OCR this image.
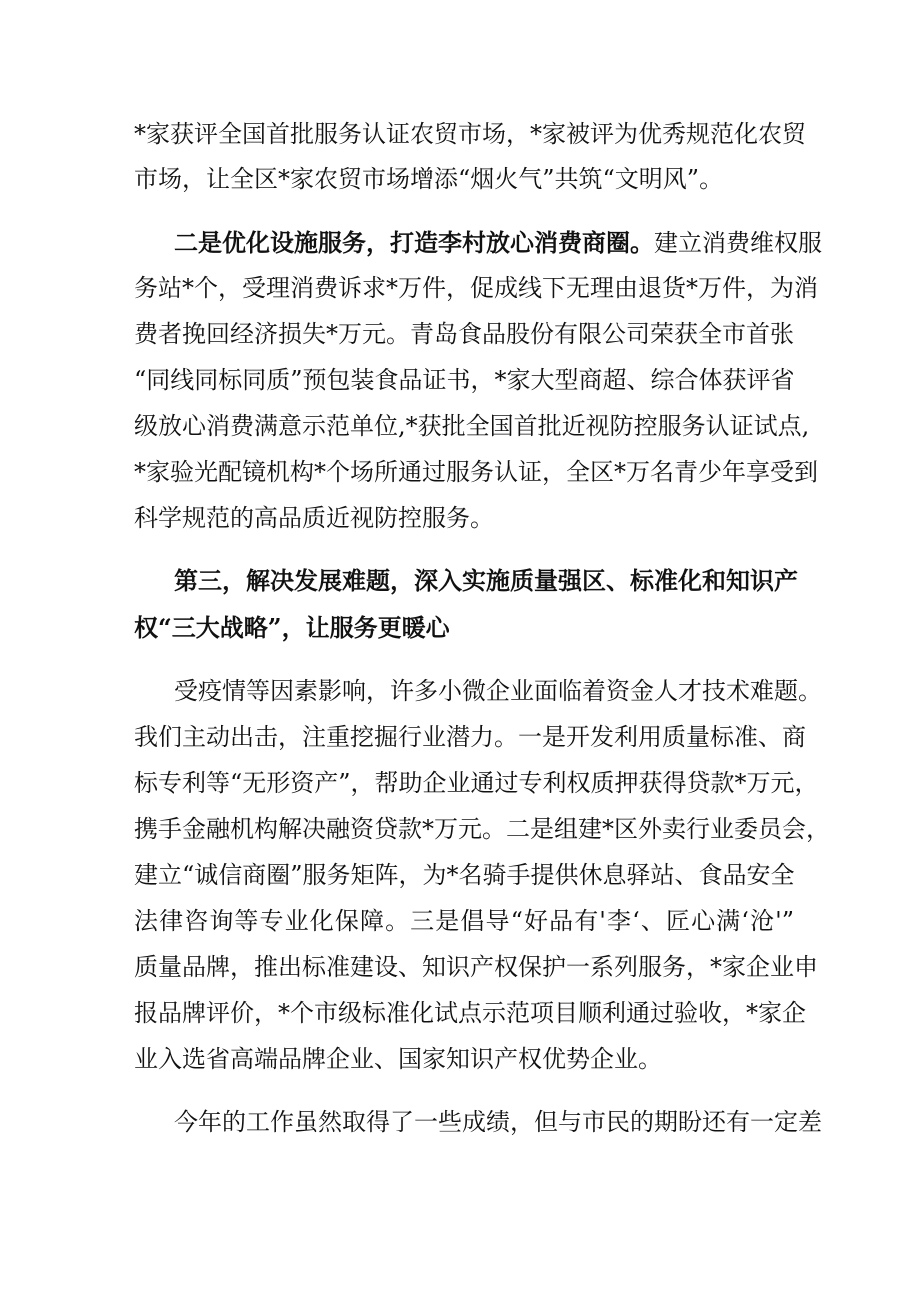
*家获评全国首批服务认证农贸市场，*家被评为优秀规范化农贸
市场，让全区*家农贸市场增添“烟火气”共筑“文明风”。
二是优化设施服务，打造李村放心消费商圈。建立消费维权服
务站*个，受理消费诉求*万件，促成线下无理由退货*万件，为消
费者挽回经济损失*万元。青岛食品股份有限公司荣获全市首张
“同线同标同质”预包装食品证书，*家大型商超、综合体获评省
级放心消费满意示范单位,*获批全国首批近视防控服务认证试点,
*家验光配镜机构*个场所通过服务认证，全区*万名青少年享受到
科学规范的高品质近视防控服务。
第三，解决发展难题，深入实施质量强区、标准化和知识产
权“三大战略”，让服务更暖心
受疫情等因素影响，许多小微企业面临着资金人才技术难题。
我们主动出击，注重挖掘行业潜力。一是开发利用质量标准、商
标专利等“无形资产”，帮助企业通过专利权质押获得贷款*万元，
携手金融机构解决融资贷款*万元。二是组建*区外卖行业委员会，
建立“诚信商圈”服务矩阵，为*名骑手提供休息驿站、食品安全
法律咨询等专业化保障。三是倡导“好品有'李‘、匠心满‘沧'”
质量品牌，推出标准建设、知识产权保护一系列服务，*家企业申
报品牌评价，*个市级标准化试点示范项目顺利通过验收，*家企
业入选省高端品牌企业、国家知识产权优势企业。
今年的工作虽然取得了一些成绩，但与市民的期盼还有一定差
